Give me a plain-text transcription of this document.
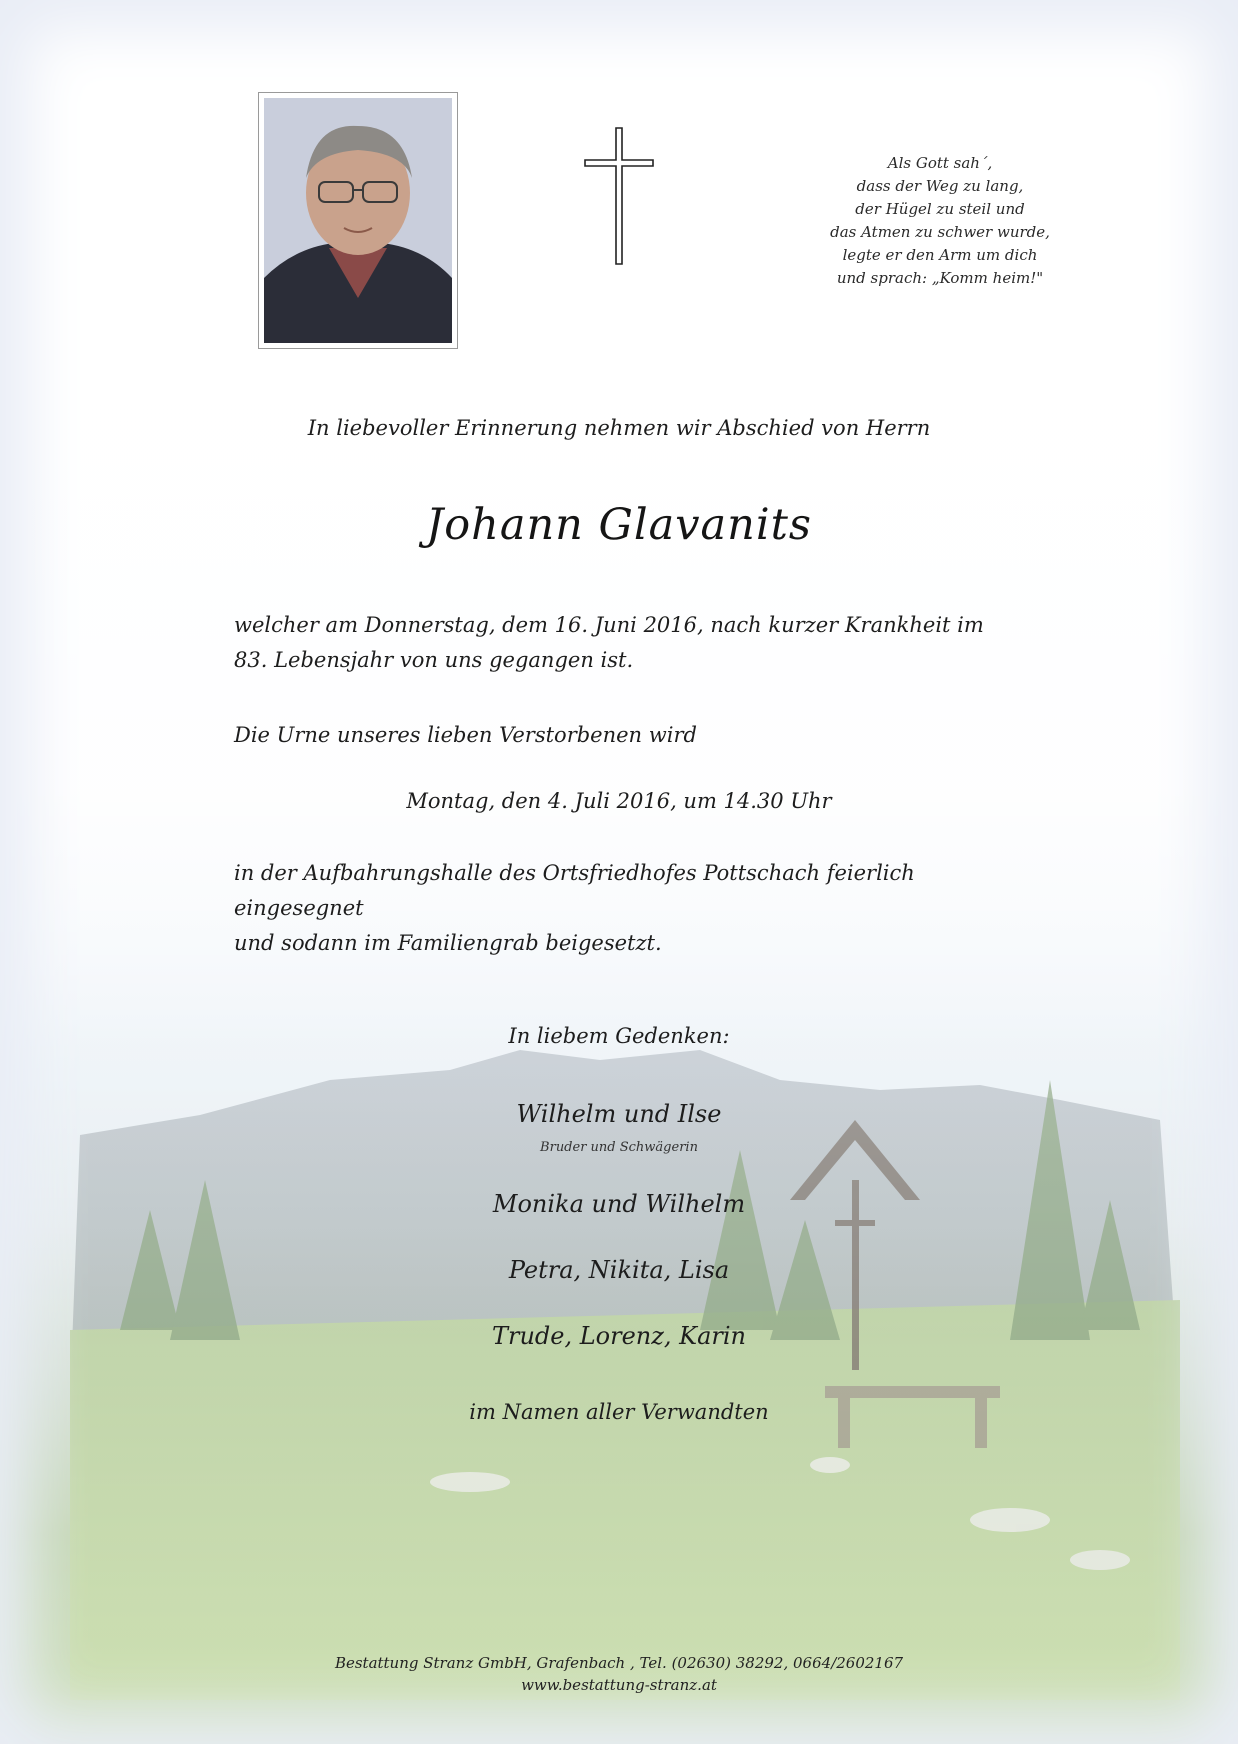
Als Gott sah´,
dass der Weg zu lang,
der Hügel zu steil und
das Atmen zu schwer wurde,
legte er den Arm um dich
und sprach: „Komm heim!"
In liebevoller Erinnerung nehmen wir Abschied von Herrn
Johann Glavanits
welcher am Donnerstag, dem 16. Juni 2016, nach kurzer Krankheit im
83. Lebensjahr von uns gegangen ist.
Die Urne unseres lieben Verstorbenen wird
Montag, den 4. Juli 2016, um 14.30 Uhr
in der Aufbahrungshalle des Ortsfriedhofes Pottschach feierlich eingesegnet
und sodann im Familiengrab beigesetzt.
In liebem Gedenken:
Wilhelm und Ilse
Bruder und Schwägerin
Monika und Wilhelm
Petra, Nikita, Lisa
Trude, Lorenz, Karin
im Namen aller Verwandten
Bestattung Stranz GmbH, Grafenbach , Tel. (02630) 38292, 0664/2602167
www.bestattung-stranz.at
